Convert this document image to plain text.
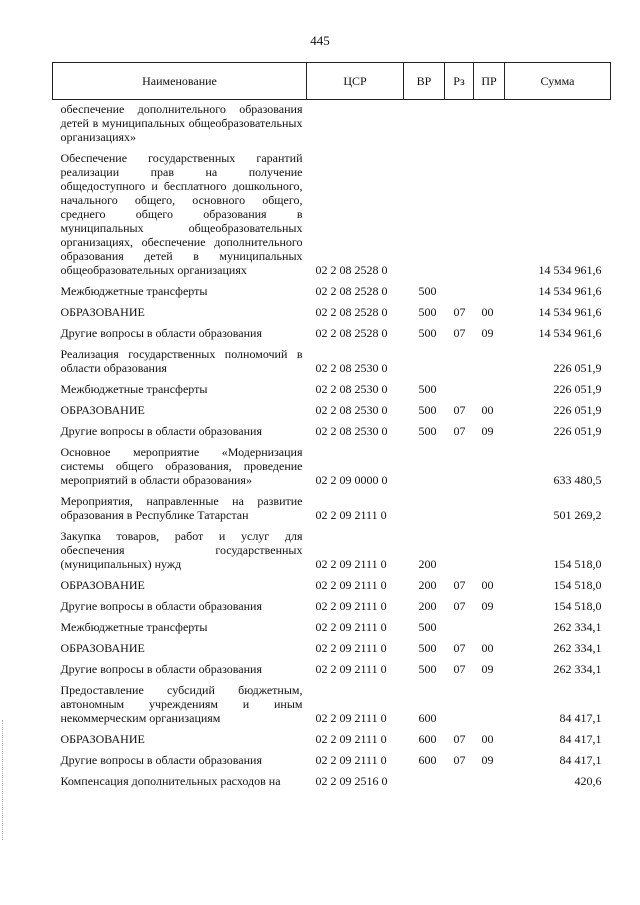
445
Наименование	ЦСР	ВР	Рз	ПР	Сумма
обеспечение дополнительного образования детей в муниципальных общеобразовательных организациях»					
Обеспечение государственных гарантий реализации прав на получение общедоступного и бесплатного дошкольного, начального общего, основного общего, среднего общего образования в муниципальных общеобразовательных организациях, обеспечение дополнительного образования детей в муниципальных общеобразовательных организациях	02 2 08 2528 0				14 534 961,6
Межбюджетные трансферты	02 2 08 2528 0	500			14 534 961,6
ОБРАЗОВАНИЕ	02 2 08 2528 0	500	07	00	14 534 961,6
Другие вопросы в области образования	02 2 08 2528 0	500	07	09	14 534 961,6
Реализация государственных полномочий в области образования	02 2 08 2530 0				226 051,9
Межбюджетные трансферты	02 2 08 2530 0	500			226 051,9
ОБРАЗОВАНИЕ	02 2 08 2530 0	500	07	00	226 051,9
Другие вопросы в области образования	02 2 08 2530 0	500	07	09	226 051,9
Основное мероприятие «Модернизация системы общего образования, проведение мероприятий в области образования»	02 2 09 0000 0				633 480,5
Мероприятия, направленные на развитие образования в Республике Татарстан	02 2 09 2111 0				501 269,2
Закупка товаров, работ и услуг для обеспечения государственных (муниципальных) нужд	02 2 09 2111 0	200			154 518,0
ОБРАЗОВАНИЕ	02 2 09 2111 0	200	07	00	154 518,0
Другие вопросы в области образования	02 2 09 2111 0	200	07	09	154 518,0
Межбюджетные трансферты	02 2 09 2111 0	500			262 334,1
ОБРАЗОВАНИЕ	02 2 09 2111 0	500	07	00	262 334,1
Другие вопросы в области образования	02 2 09 2111 0	500	07	09	262 334,1
Предоставление субсидий бюджетным, автономным учреждениям и иным некоммерческим организациям	02 2 09 2111 0	600			84 417,1
ОБРАЗОВАНИЕ	02 2 09 2111 0	600	07	00	84 417,1
Другие вопросы в области образования	02 2 09 2111 0	600	07	09	84 417,1
Компенсация дополнительных расходов на	02 2 09 2516 0				420,6
